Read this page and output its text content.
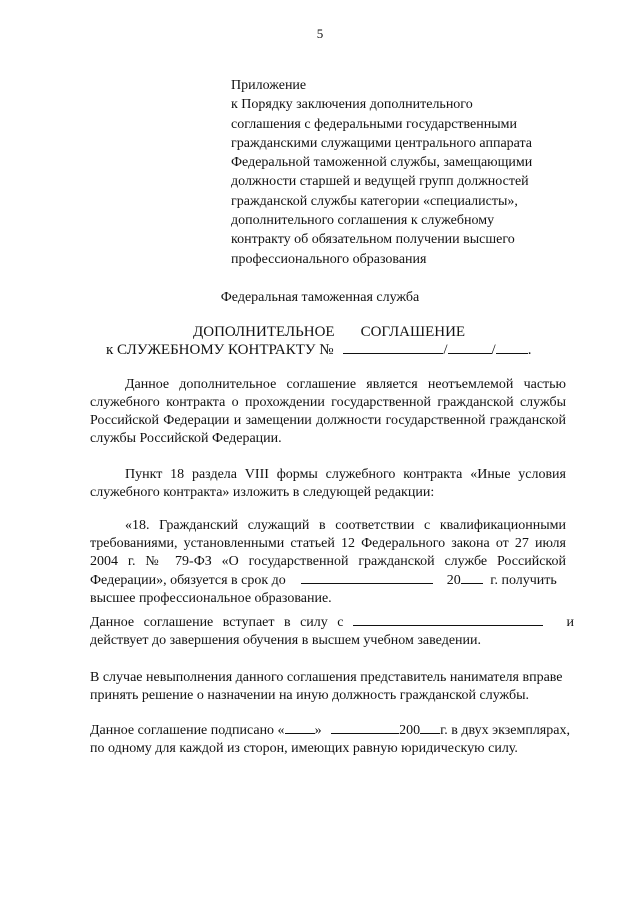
5
Приложение
к Порядку заключения дополнительного
соглашения с федеральными государственными
гражданскими служащими центрального аппарата
Федеральной таможенной службы, замещающими
должности старшей и ведущей групп должностей
гражданской службы категории «специалисты»,
дополнительного соглашения к служебному
контракту об обязательном получении высшего
профессионального образования
Федеральная таможенная служба
ДОПОЛНИТЕЛЬНОЕ СОГЛАШЕНИЕ
к СЛУЖЕБНОМУ КОНТРАКТУ №	/	/ .
Данное дополнительное соглашение является неотъемлемой частью
служебного контракта о прохождении государственной гражданской службы
Российской Федерации и замещении должности государственной гражданской
службы Российской Федерации.
Пункт 18 раздела VIII формы служебного контракта «Иные условия
служебного контракта» изложить в следующей редакции:
«18. Гражданский служащий в соответствии с квалификационными
требованиями, установленными статьей 12 Федерального закона от 27 июля
2004 г. № 79-ФЗ «О государственной гражданской службе Российской
Федерации», обязуется в срок до	20 г. получить
высшее профессиональное образование.
Данное соглашение вступает в силу с	и
действует до завершения обучения в высшем учебном заведении.
В случае невыполнения данного соглашения представитель нанимателя вправе
принять решение о назначении на иную должность гражданской службы.
Данное соглашение подписано « »	200 г. в двух экземплярах,
по одному для каждой из сторон, имеющих равную юридическую силу.
